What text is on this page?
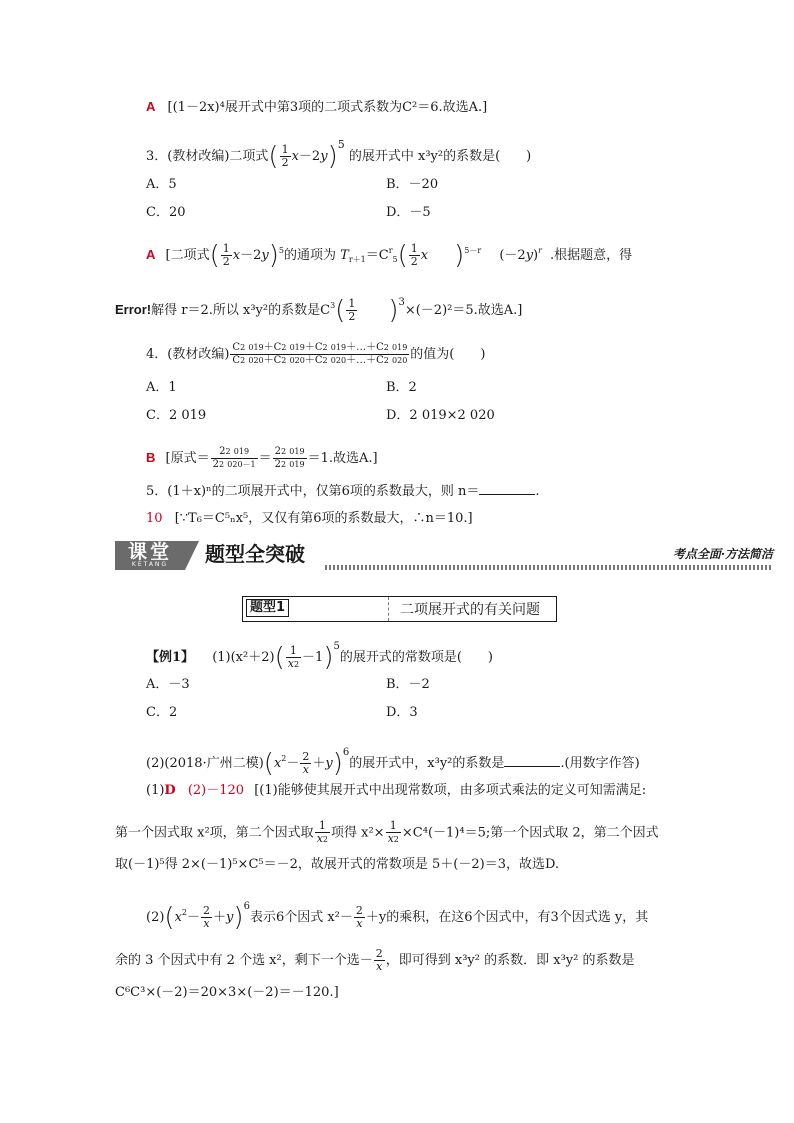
A [(1－2x)⁴展开式中第3项的二项式系数为C²＝6.故选A.]
3．(教材改编)二项式( $\frac{1}{2} x-2y)^5$ 的展开式中 x³y²的系数是(　　)
A．5	B．－20
C．20	D．－5
A [二项式( $\frac{1}{2} x-2y)^5$的通项为 $T_{r+1}=C^r_5( \frac{1}{2}$ x )$^{5-r}$ $(-2y)^r$ .根据题意，得
Error!解得 r＝2.所以 x³y²的系数是$C^3( \frac{1}{2} )^3\times(-2)^2=5$.故选A.]
4．(教材改编) $\frac{C2 019+C2 019+C2 019+\dots+C2 019}{C2 020+C2 020+C2 020+\dots+C2 020}$ 的值为(　　)
A．1	B．2
C．2 019	D．2 019×2 020
B [原式＝ $\frac{22 019}{22 020-1} = \frac{22 019}{22 019} =1$.故选A.]
5．(1＋x)ⁿ的二项展开式中，仅第6项的系数最大，则 n＝	.
10 [∵T₆＝C⁵ₙx⁵，又仅有第6项的系数最大，∴n＝10.]
课堂
KETANG	题型全突破	考点全面·方法简洁
题型1	二项展开式的有关问题
【例1】 $(1)(x^2+2)( \frac{1}{x2} -1)^5$的展开式的常数项是(　　)
A．－3	B．－2
C．2	D．3
(2)(2018·广州二模)$(x^2- \frac{2}{x} +y)^6$的展开式中，x³y²的系数是	.(用数字作答)
(1)D (2)－120 [(1)能够使其展开式中出现常数项，由多项式乘法的定义可知需满足:
第一个因式取 x²项，第二个因式取 $\frac{1}{x2}$ 项得 $x^2\times \frac{1}{x2} \times C^4(-1)^4=5$;第一个因式取 2，第二个因式
取(－1)⁵得 2×(－1)⁵×C⁵＝－2，故展开式的常数项是 5＋(－2)＝3，故选D.
$(2)(x^2- \frac{2}{x} +y)^6$表示6个因式 $x^2- \frac{2}{x} +y$的乘积，在这6个因式中，有3个因式选 y，其
余的 3 个因式中有 2 个选 x²，剩下一个选－ $\frac{2}{x}$ ，即可得到 x³y² 的系数．即 x³y² 的系数是
C⁶C³×(－2)＝20×3×(－2)＝－120.]
